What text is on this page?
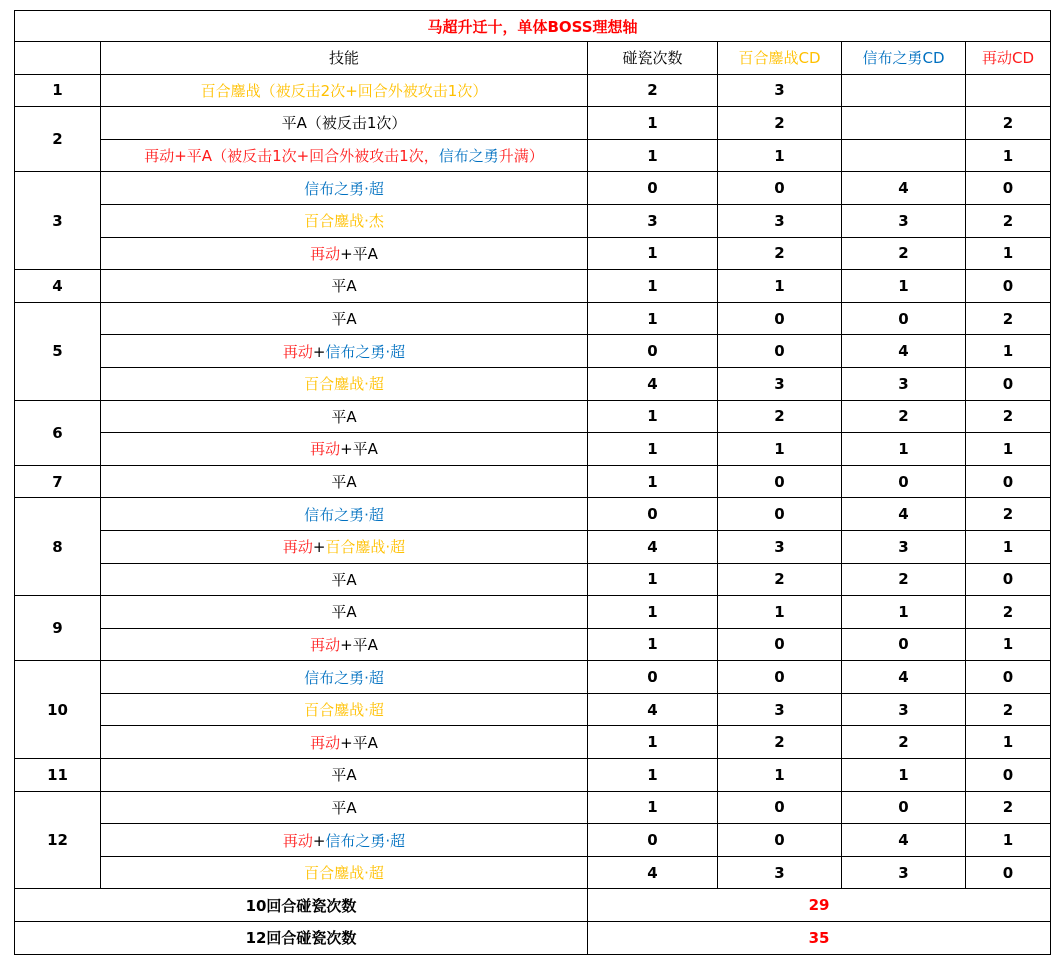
马超升迁十，单体BOSS理想轴					
	技能	碰瓷次数	百合鏖战CD	信布之勇CD	再动CD
1	百合鏖战（被反击2次+回合外被攻击1次）	2	3		
2	平A（被反击1次）	1	2		2
	再动+平A（被反击1次+回合外被攻击1次，信布之勇升满）	1	1		1
3	信布之勇·超	0	0	4	0
	百合鏖战·杰	3	3	3	2
	再动+平A	1	2	2	1
4	平A	1	1	1	0
5	平A	1	0	0	2
	再动+信布之勇·超	0	0	4	1
	百合鏖战·超	4	3	3	0
6	平A	1	2	2	2
	再动+平A	1	1	1	1
7	平A	1	0	0	0
8	信布之勇·超	0	0	4	2
	再动+百合鏖战·超	4	3	3	1
	平A	1	2	2	0
9	平A	1	1	1	2
	再动+平A	1	0	0	1
10	信布之勇·超	0	0	4	0
	百合鏖战·超	4	3	3	2
	再动+平A	1	2	2	1
11	平A	1	1	1	0
12	平A	1	0	0	2
	再动+信布之勇·超	0	0	4	1
	百合鏖战·超	4	3	3	0
10回合碰瓷次数		29			
12回合碰瓷次数		35			
